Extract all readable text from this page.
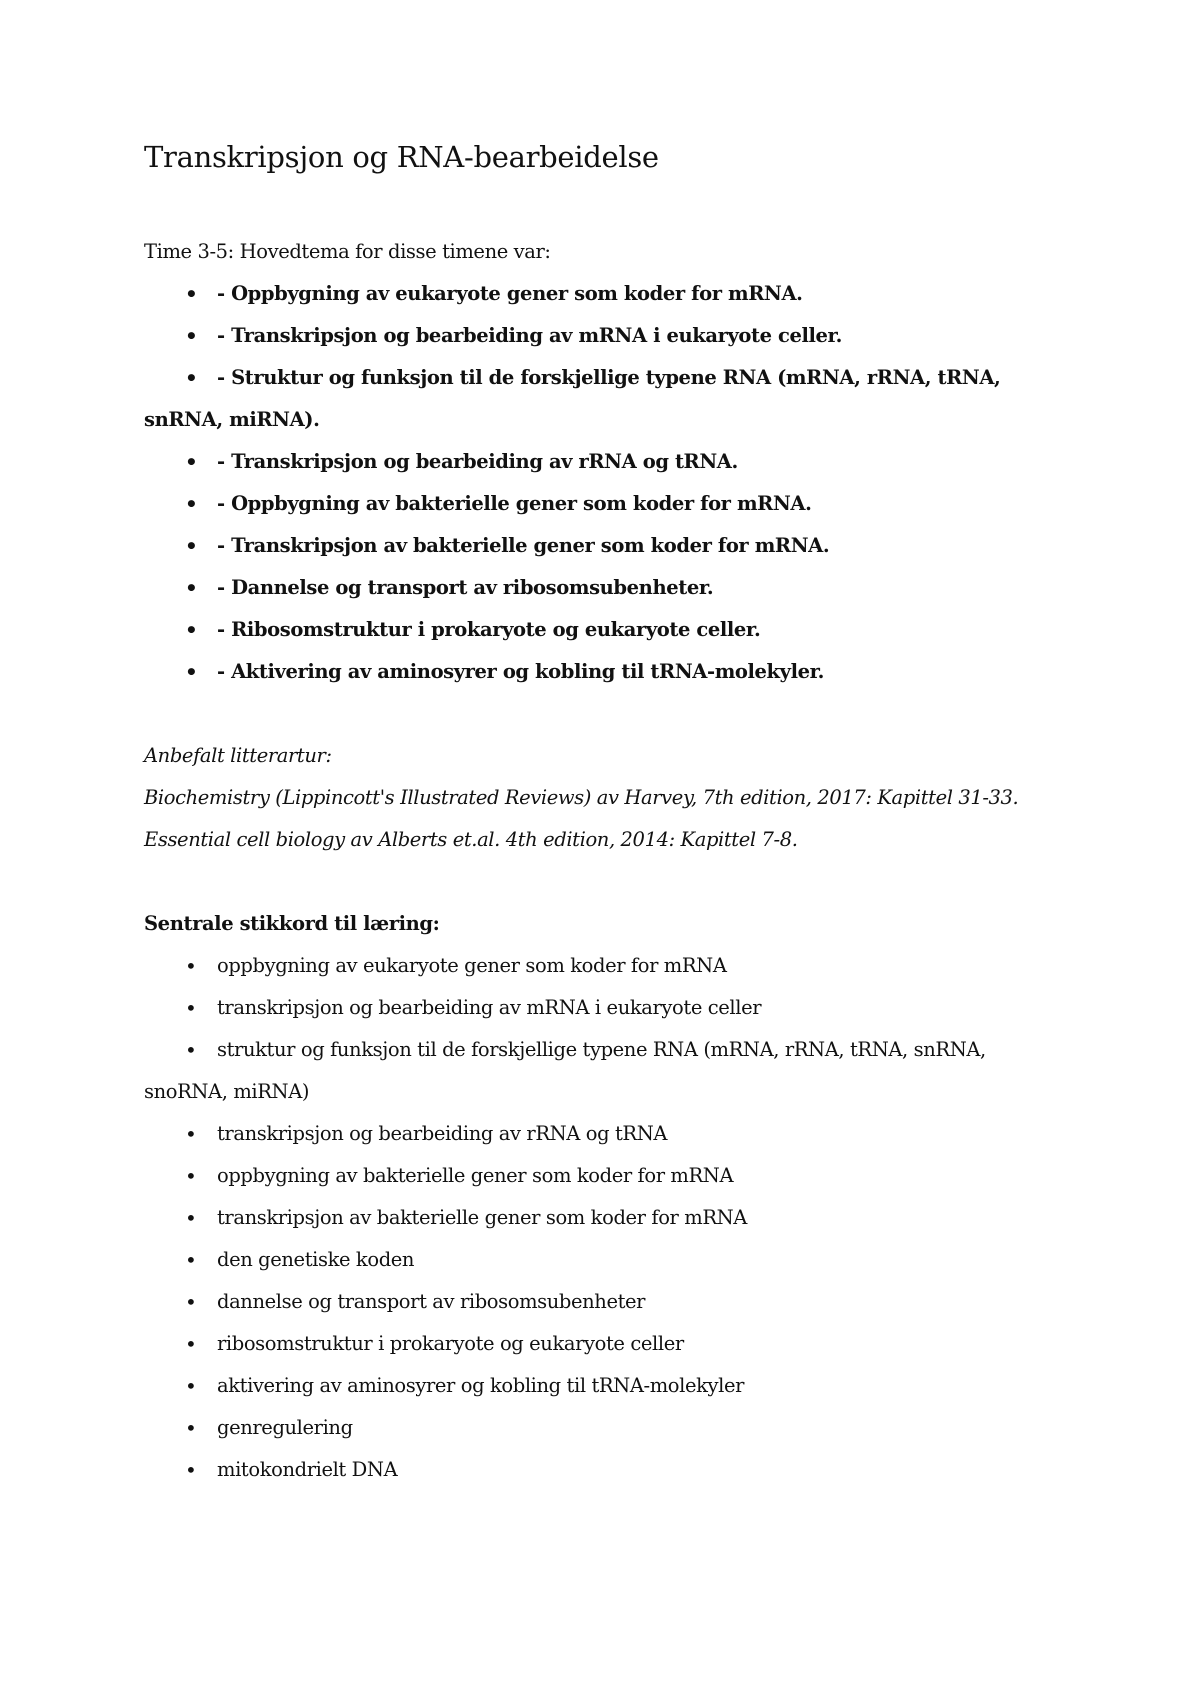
Transkripsjon og RNA-bearbeidelse

Time 3-5: Hovedtema for disse timene var:

• - Oppbygning av eukaryote gener som koder for mRNA.
• - Transkripsjon og bearbeiding av mRNA i eukaryote celler.
• - Struktur og funksjon til de forskjellige typene RNA (mRNA, rRNA, tRNA, snRNA, miRNA).
• - Transkripsjon og bearbeiding av rRNA og tRNA.
• - Oppbygning av bakterielle gener som koder for mRNA.
• - Transkripsjon av bakterielle gener som koder for mRNA.
• - Dannelse og transport av ribosomsubenheter.
• - Ribosomstruktur i prokaryote og eukaryote celler.
• - Aktivering av aminosyrer og kobling til tRNA-molekyler.

Anbefalt litterartur:

Biochemistry (Lippincott's Illustrated Reviews) av Harvey, 7th edition, 2017: Kapittel 31-33.

Essential cell biology av Alberts et.al. 4th edition, 2014: Kapittel 7-8.

Sentrale stikkord til læring:

• oppbygning av eukaryote gener som koder for mRNA
• transkripsjon og bearbeiding av mRNA i eukaryote celler
• struktur og funksjon til de forskjellige typene RNA (mRNA, rRNA, tRNA, snRNA, snoRNA, miRNA)
• transkripsjon og bearbeiding av rRNA og tRNA
• oppbygning av bakterielle gener som koder for mRNA
• transkripsjon av bakterielle gener som koder for mRNA
• den genetiske koden
• dannelse og transport av ribosomsubenheter
• ribosomstruktur i prokaryote og eukaryote celler
• aktivering av aminosyrer og kobling til tRNA-molekyler
• genregulering
• mitokondrielt DNA
